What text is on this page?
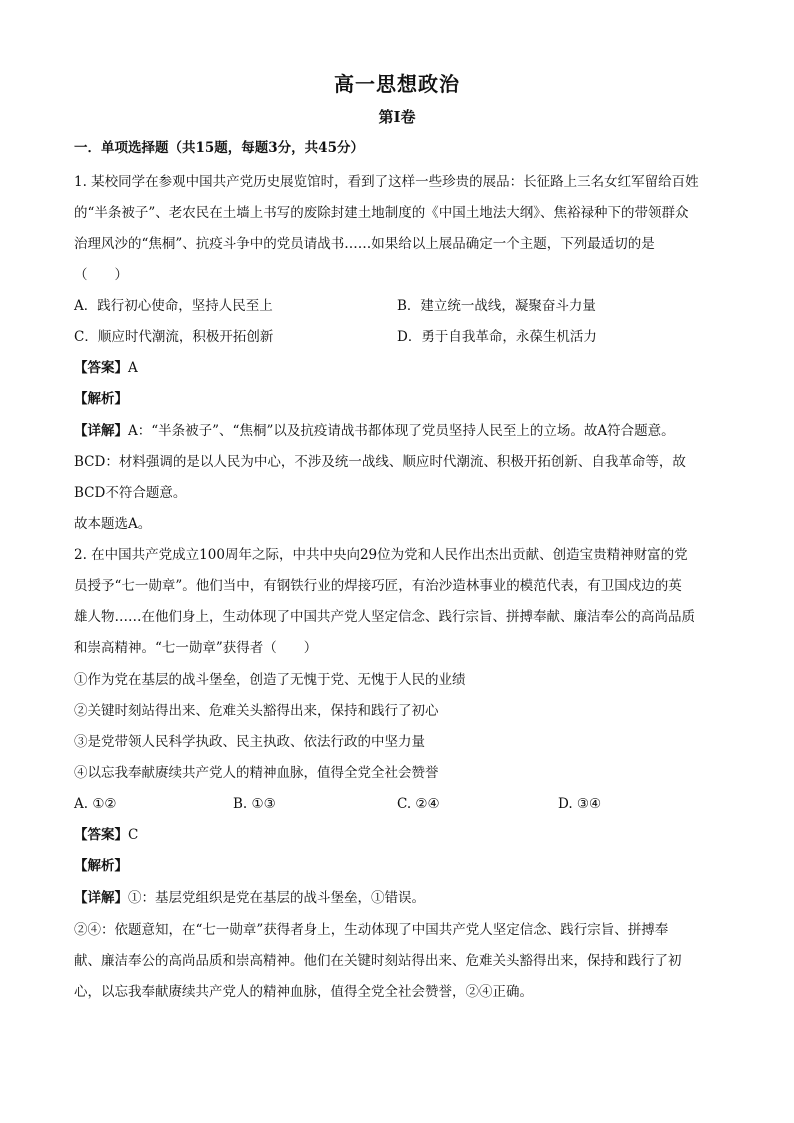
高一思想政治
第Ⅰ卷
一．单项选择题（共15题，每题3分，共45分）
1. 某校同学在参观中国共产党历史展览馆时，看到了这样一些珍贵的展品：长征路上三名女红军留给百姓
的“半条被子”、老农民在土墙上书写的废除封建土地制度的《中国土地法大纲》、焦裕禄种下的带领群众
治理风沙的“焦桐”、抗疫斗争中的党员请战书……如果给以上展品确定一个主题，下列最适切的是
（　　）
A．践行初心使命，坚持人民至上	B．建立统一战线，凝聚奋斗力量
C．顺应时代潮流，积极开拓创新	D．勇于自我革命，永葆生机活力
【答案】A
【解析】
【详解】A：“半条被子”、“焦桐”以及抗疫请战书都体现了党员坚持人民至上的立场。故A符合题意。
BCD：材料强调的是以人民为中心，不涉及统一战线、顺应时代潮流、积极开拓创新、自我革命等，故
BCD不符合题意。
故本题选A。
2. 在中国共产党成立100周年之际，中共中央向29位为党和人民作出杰出贡献、创造宝贵精神财富的党
员授予“七一勋章”。他们当中，有钢铁行业的焊接巧匠，有治沙造林事业的模范代表，有卫国戍边的英
雄人物……在他们身上，生动体现了中国共产党人坚定信念、践行宗旨、拼搏奉献、廉洁奉公的高尚品质
和崇高精神。“七一勋章”获得者（　　）
①作为党在基层的战斗堡垒，创造了无愧于党、无愧于人民的业绩
②关键时刻站得出来、危难关头豁得出来，保持和践行了初心
③是党带领人民科学执政、民主执政、依法行政的中坚力量
④以忘我奉献赓续共产党人的精神血脉，值得全党全社会赞誉
A. ①②	B. ①③	C. ②④	D. ③④
【答案】C
【解析】
【详解】①：基层党组织是党在基层的战斗堡垒，①错误。
②④：依题意知，在“七一勋章”获得者身上，生动体现了中国共产党人坚定信念、践行宗旨、拼搏奉
献、廉洁奉公的高尚品质和崇高精神。他们在关键时刻站得出来、危难关头豁得出来，保持和践行了初
心，以忘我奉献赓续共产党人的精神血脉，值得全党全社会赞誉，②④正确。
